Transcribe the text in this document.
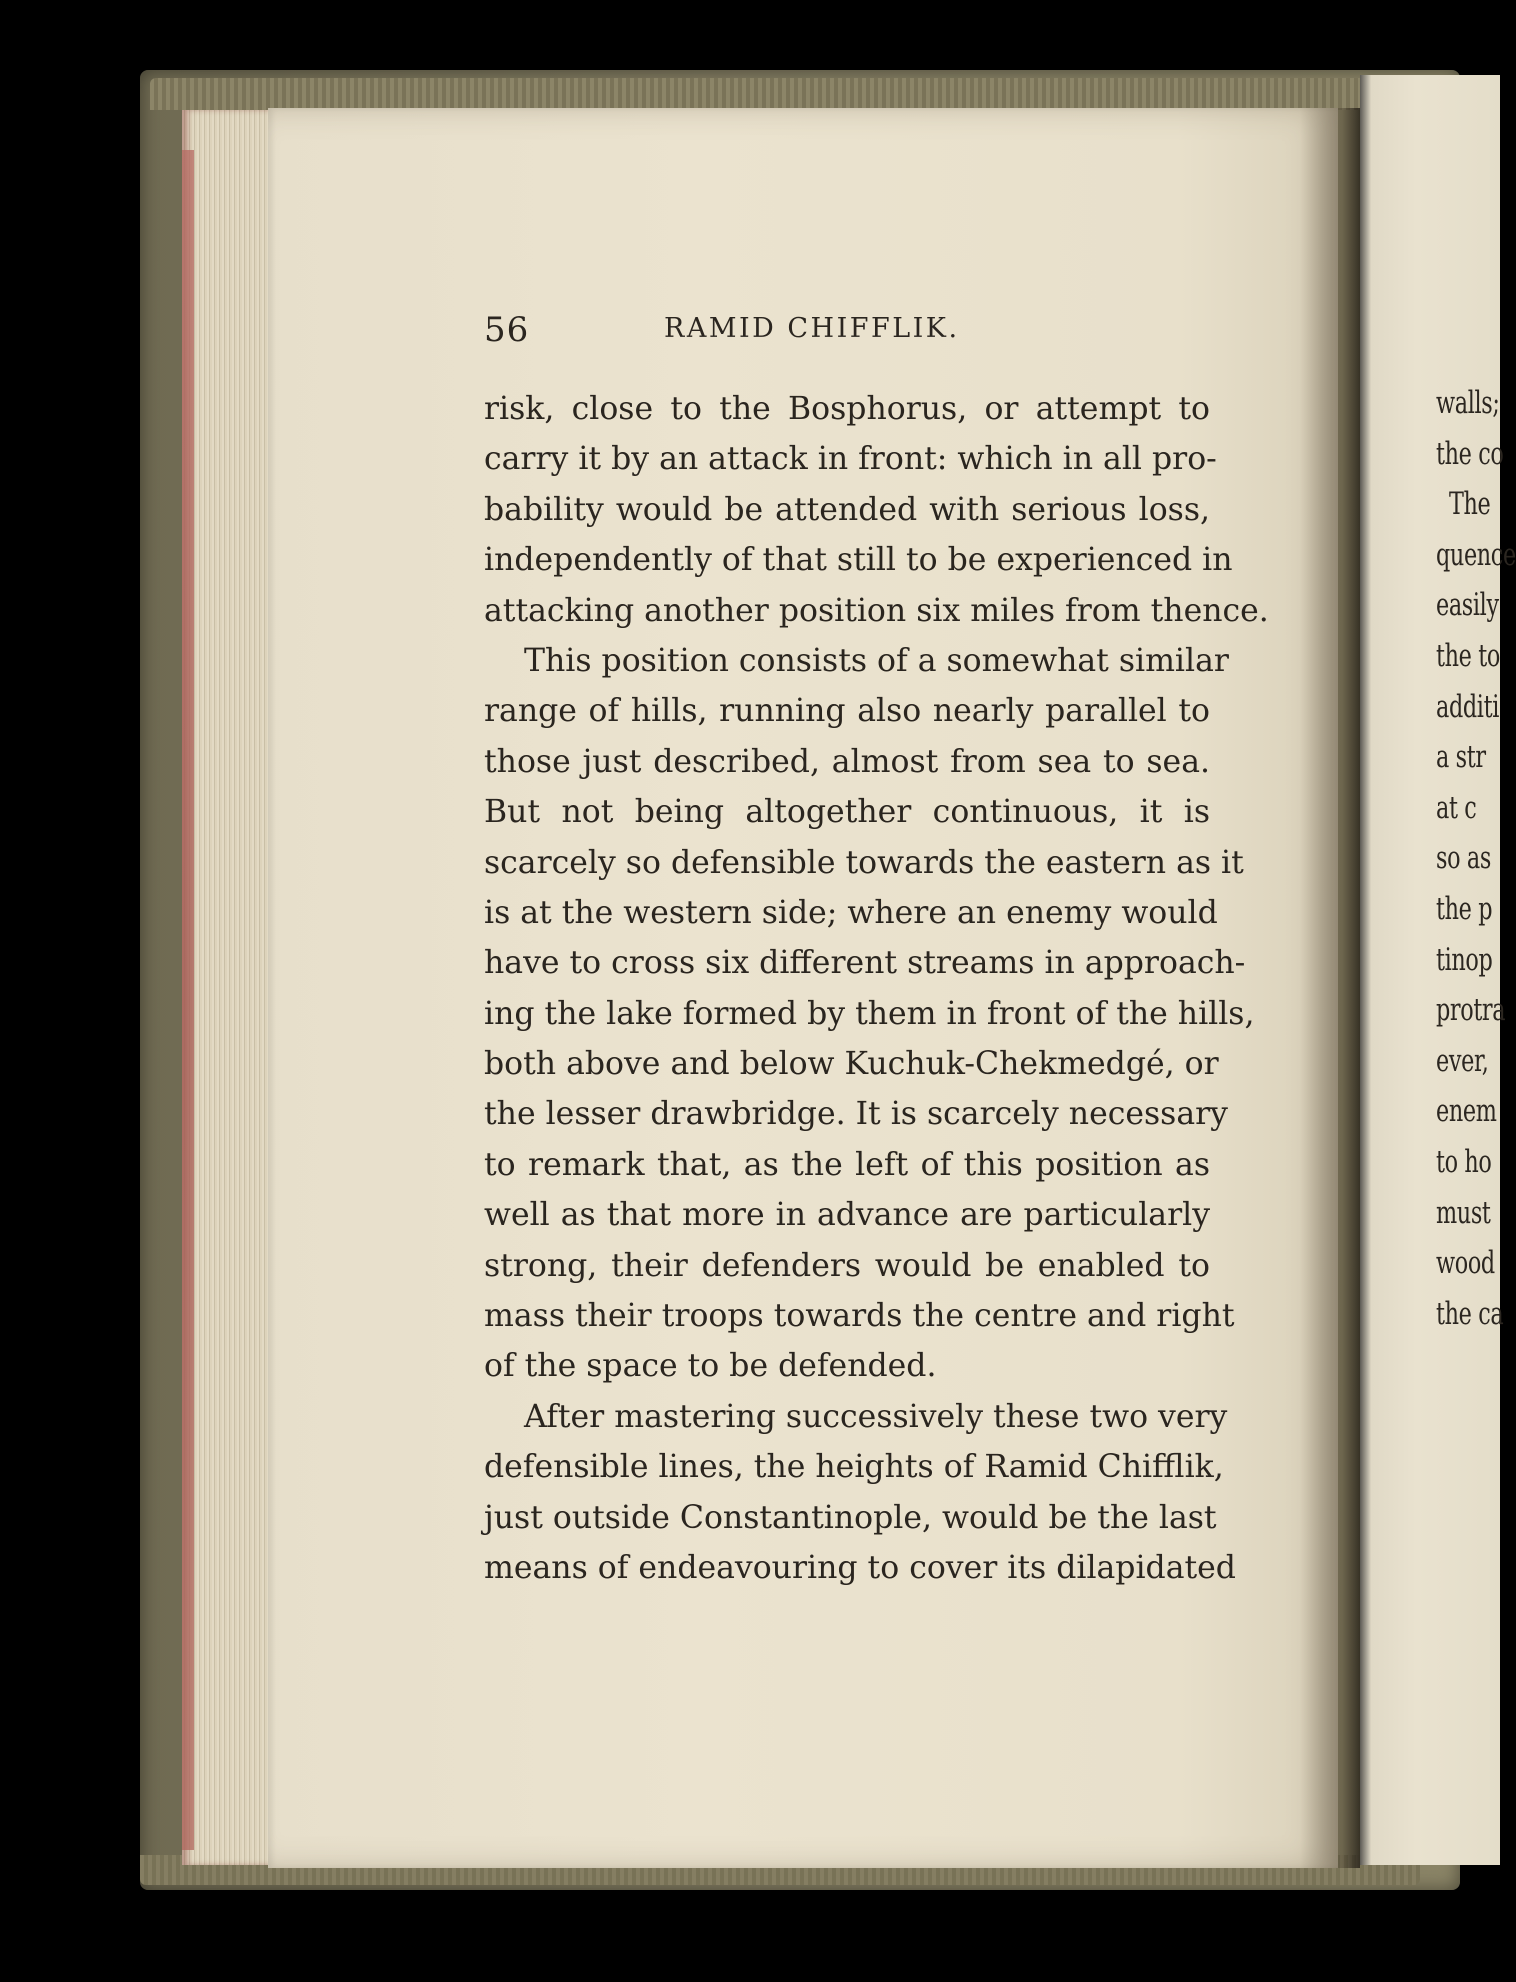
walls;
the co
The
quence
easily
the to
additi
a str
at c
so as
the p
tinop
protra
ever,
enem
to ho
must
wood
the ca
56	RAMID CHIFFLIK.
risk, close to the Bosphorus, or attempt to
carry it by an attack in front: which in all pro-
bability would be attended with serious loss,
independently of that still to be experienced in
attacking another position six miles from thence.
This position consists of a somewhat similar
range of hills, running also nearly parallel to
those just described, almost from sea to sea.
But not being altogether continuous, it is
scarcely so defensible towards the eastern as it
is at the western side; where an enemy would
have to cross six different streams in approach-
ing the lake formed by them in front of the hills,
both above and below Kuchuk-Chekmedgé, or
the lesser drawbridge. It is scarcely necessary
to remark that, as the left of this position as
well as that more in advance are particularly
strong, their defenders would be enabled to
mass their troops towards the centre and right
of the space to be defended.
After mastering successively these two very
defensible lines, the heights of Ramid Chifflik,
just outside Constantinople, would be the last
means of endeavouring to cover its dilapidated
